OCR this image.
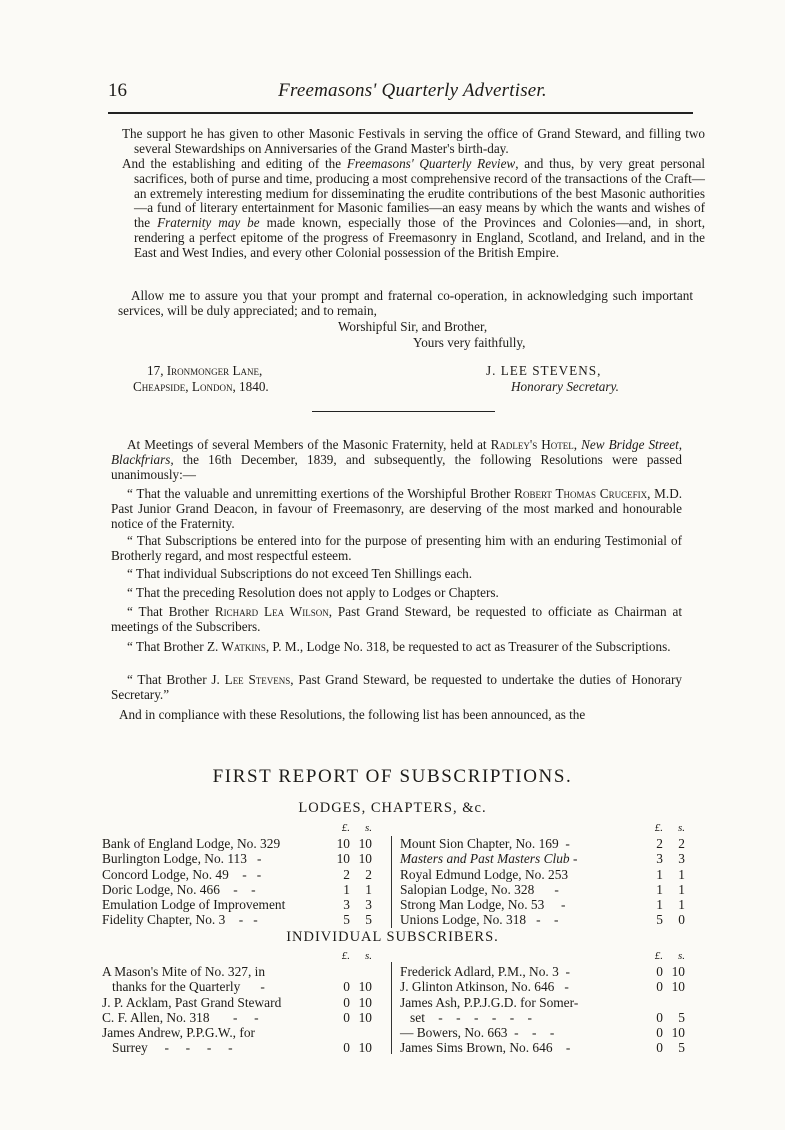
16	Freemasons' Quarterly Advertiser.
The support he has given to other Masonic Festivals in serving the office of Grand Steward, and filling two several Stewardships on Anniversaries of the Grand Master's birth-day.
And the establishing and editing of the Freemasons' Quarterly Review, and thus, by very great personal sacrifices, both of purse and time, producing a most comprehensive record of the transactions of the Craft—an extremely interesting medium for disseminating the erudite contributions of the best Masonic authorities—a fund of literary entertainment for Masonic families—an easy means by which the wants and wishes of the Fraternity may be made known, especially those of the Provinces and Colonies—and, in short, rendering a perfect epitome of the progress of Freemasonry in England, Scotland, and Ireland, and in the East and West Indies, and every other Colonial possession of the British Empire.
Allow me to assure you that your prompt and fraternal co-operation, in acknowledging such important services, will be duly appreciated; and to remain,
Worshipful Sir, and Brother,
Yours very faithfully,
17, Ironmonger Lane,
Cheapside, London, 1840.
J. LEE STEVENS,
Honorary Secretary.
At Meetings of several Members of the Masonic Fraternity, held at Radley's Hotel, New Bridge Street, Blackfriars, the 16th December, 1839, and subsequently, the following Resolutions were passed unanimously:—
“ That the valuable and unremitting exertions of the Worshipful Brother Robert Thomas Crucefix, M.D. Past Junior Grand Deacon, in favour of Freemasonry, are deserving of the most marked and honourable notice of the Fraternity.
“ That Subscriptions be entered into for the purpose of presenting him with an enduring Testimonial of Brotherly regard, and most respectful esteem.
“ That individual Subscriptions do not exceed Ten Shillings each.
“ That the preceding Resolution does not apply to Lodges or Chapters.
“ That Brother Richard Lea Wilson, Past Grand Steward, be requested to officiate as Chairman at meetings of the Subscribers.
“ That Brother Z. Watkins, P. M., Lodge No. 318, be requested to act as Treasurer of the Subscriptions.
“ That Brother J. Lee Stevens, Past Grand Steward, be requested to undertake the duties of Honorary Secretary.”
And in compliance with these Resolutions, the following list has been announced, as the
FIRST REPORT OF SUBSCRIPTIONS.
LODGES, CHAPTERS, &c.
	£.	s.
Bank of England Lodge, No. 329	10	10
Burlington Lodge, No. 113   -	10	10
Concord Lodge, No. 49    -   -	2	2
Doric Lodge, No. 466    -    -	1	1
Emulation Lodge of Improvement	3	3
Fidelity Chapter, No. 3    -   -	5	5
	£.	s.
Mount Sion Chapter, No. 169  -	2	2
Masters and Past Masters Club -	3	3
Royal Edmund Lodge, No. 253	1	1
Salopian Lodge, No. 328      -	1	1
Strong Man Lodge, No. 53     -	1	1
Unions Lodge, No. 318   -    -	5	0
INDIVIDUAL SUBSCRIBERS.
	£.	s.
A Mason's Mite of No. 327, in		
thanks for the Quarterly      -	0	10
J. P. Acklam, Past Grand Steward	0	10
C. F. Allen, No. 318       -     -	0	10
James Andrew, P.P.G.W., for		
Surrey     -     -     -     -	0	10
	£.	s.
Frederick Adlard, P.M., No. 3  -	0	10
J. Glinton Atkinson, No. 646   -	0	10
James Ash, P.P.J.G.D. for Somer-		
set    -    -    -    -    -    -	0	5
— Bowers, No. 663  -    -    -	0	10
James Sims Brown, No. 646    -	0	5
